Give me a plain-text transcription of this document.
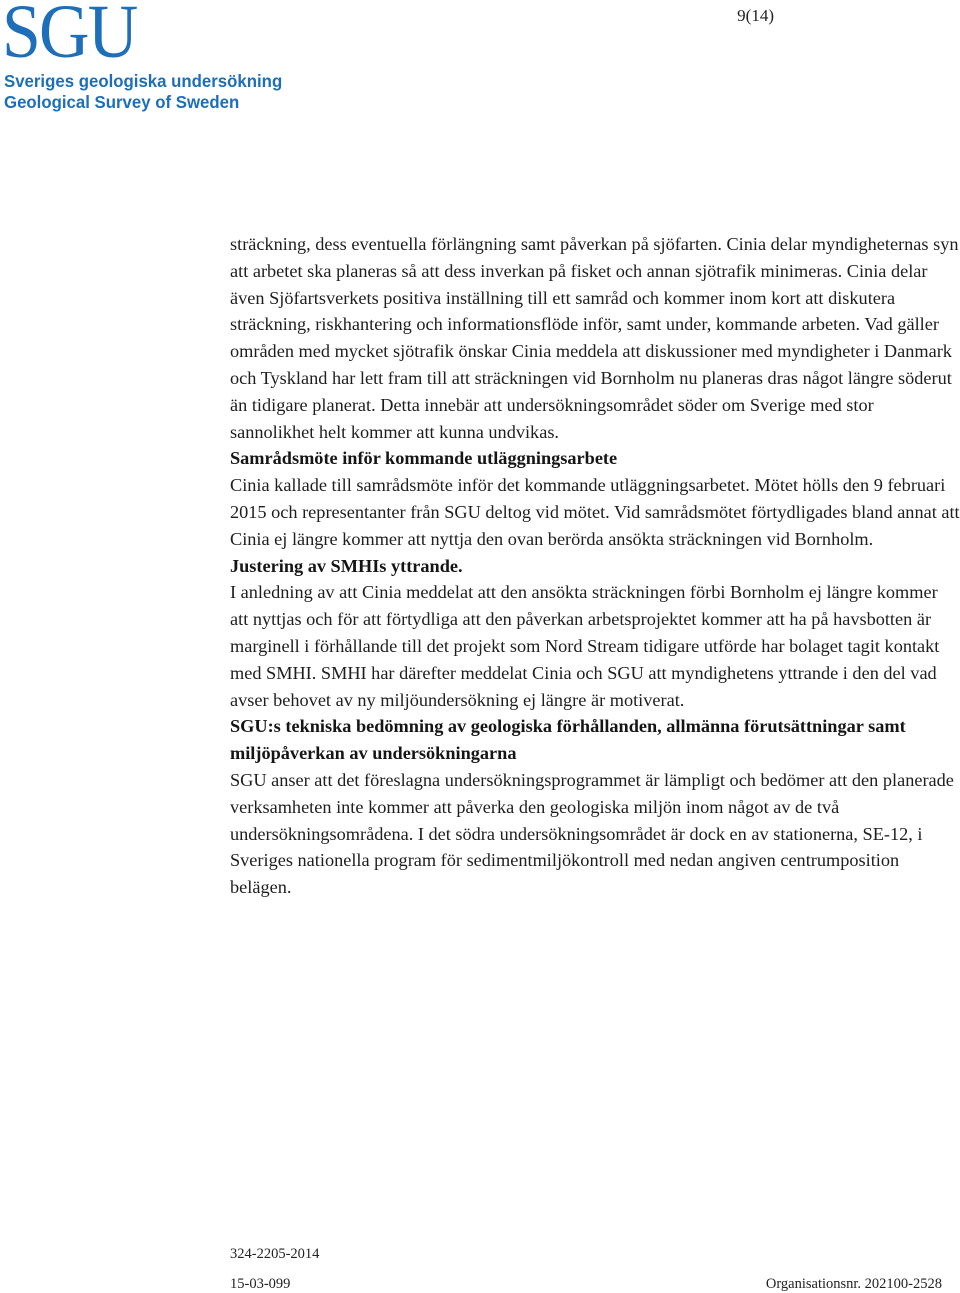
SGU
Sveriges geologiska undersökning
Geological Survey of Sweden
9(14)

sträckning, dess eventuella förlängning samt påverkan på sjöfarten. Cinia delar myndigheternas syn att arbetet ska planeras så att dess inverkan på fisket och annan sjötrafik minimeras. Cinia delar även Sjöfartsverkets positiva inställning till ett samråd och kommer inom kort att diskutera sträckning, riskhantering och informationsflöde inför, samt under, kommande arbeten. Vad gäller områden med mycket sjötrafik önskar Cinia meddela att diskussioner med myndigheter i Danmark och Tyskland har lett fram till att sträckningen vid Bornholm nu planeras dras något längre söderut än tidigare planerat. Detta innebär att undersökningsområdet söder om Sverige med stor sannolikhet helt kommer att kunna undvikas.

Samrådsmöte inför kommande utläggningsarbete

Cinia kallade till samrådsmöte inför det kommande utläggningsarbetet. Mötet hölls den 9 februari 2015 och representanter från SGU deltog vid mötet. Vid samrådsmötet förtydligades bland annat att Cinia ej längre kommer att nyttja den ovan berörda ansökta sträckningen vid Bornholm.

Justering av SMHIs yttrande.

I anledning av att Cinia meddelat att den ansökta sträckningen förbi Bornholm ej längre kommer att nyttjas och för att förtydliga att den påverkan arbetsprojektet kommer att ha på havsbotten är marginell i förhållande till det projekt som Nord Stream tidigare utförde har bolaget tagit kontakt med SMHI. SMHI har därefter meddelat Cinia och SGU att myndighetens yttrande i den del vad avser behovet av ny miljöundersökning ej längre är motiverat.

SGU:s tekniska bedömning av geologiska förhållanden, allmänna förutsättningar samt miljöpåverkan av undersökningarna

SGU anser att det föreslagna undersökningsprogrammet är lämpligt och bedömer att den planerade verksamheten inte kommer att påverka den geologiska miljön inom något av de två undersökningsområdena. I det södra undersökningsområdet är dock en av stationerna, SE-12, i Sveriges nationella program för sedimentmiljökontroll med nedan angiven centrumposition belägen.

324-2205-2014
15-03-099	Organisationsnr. 202100-2528
